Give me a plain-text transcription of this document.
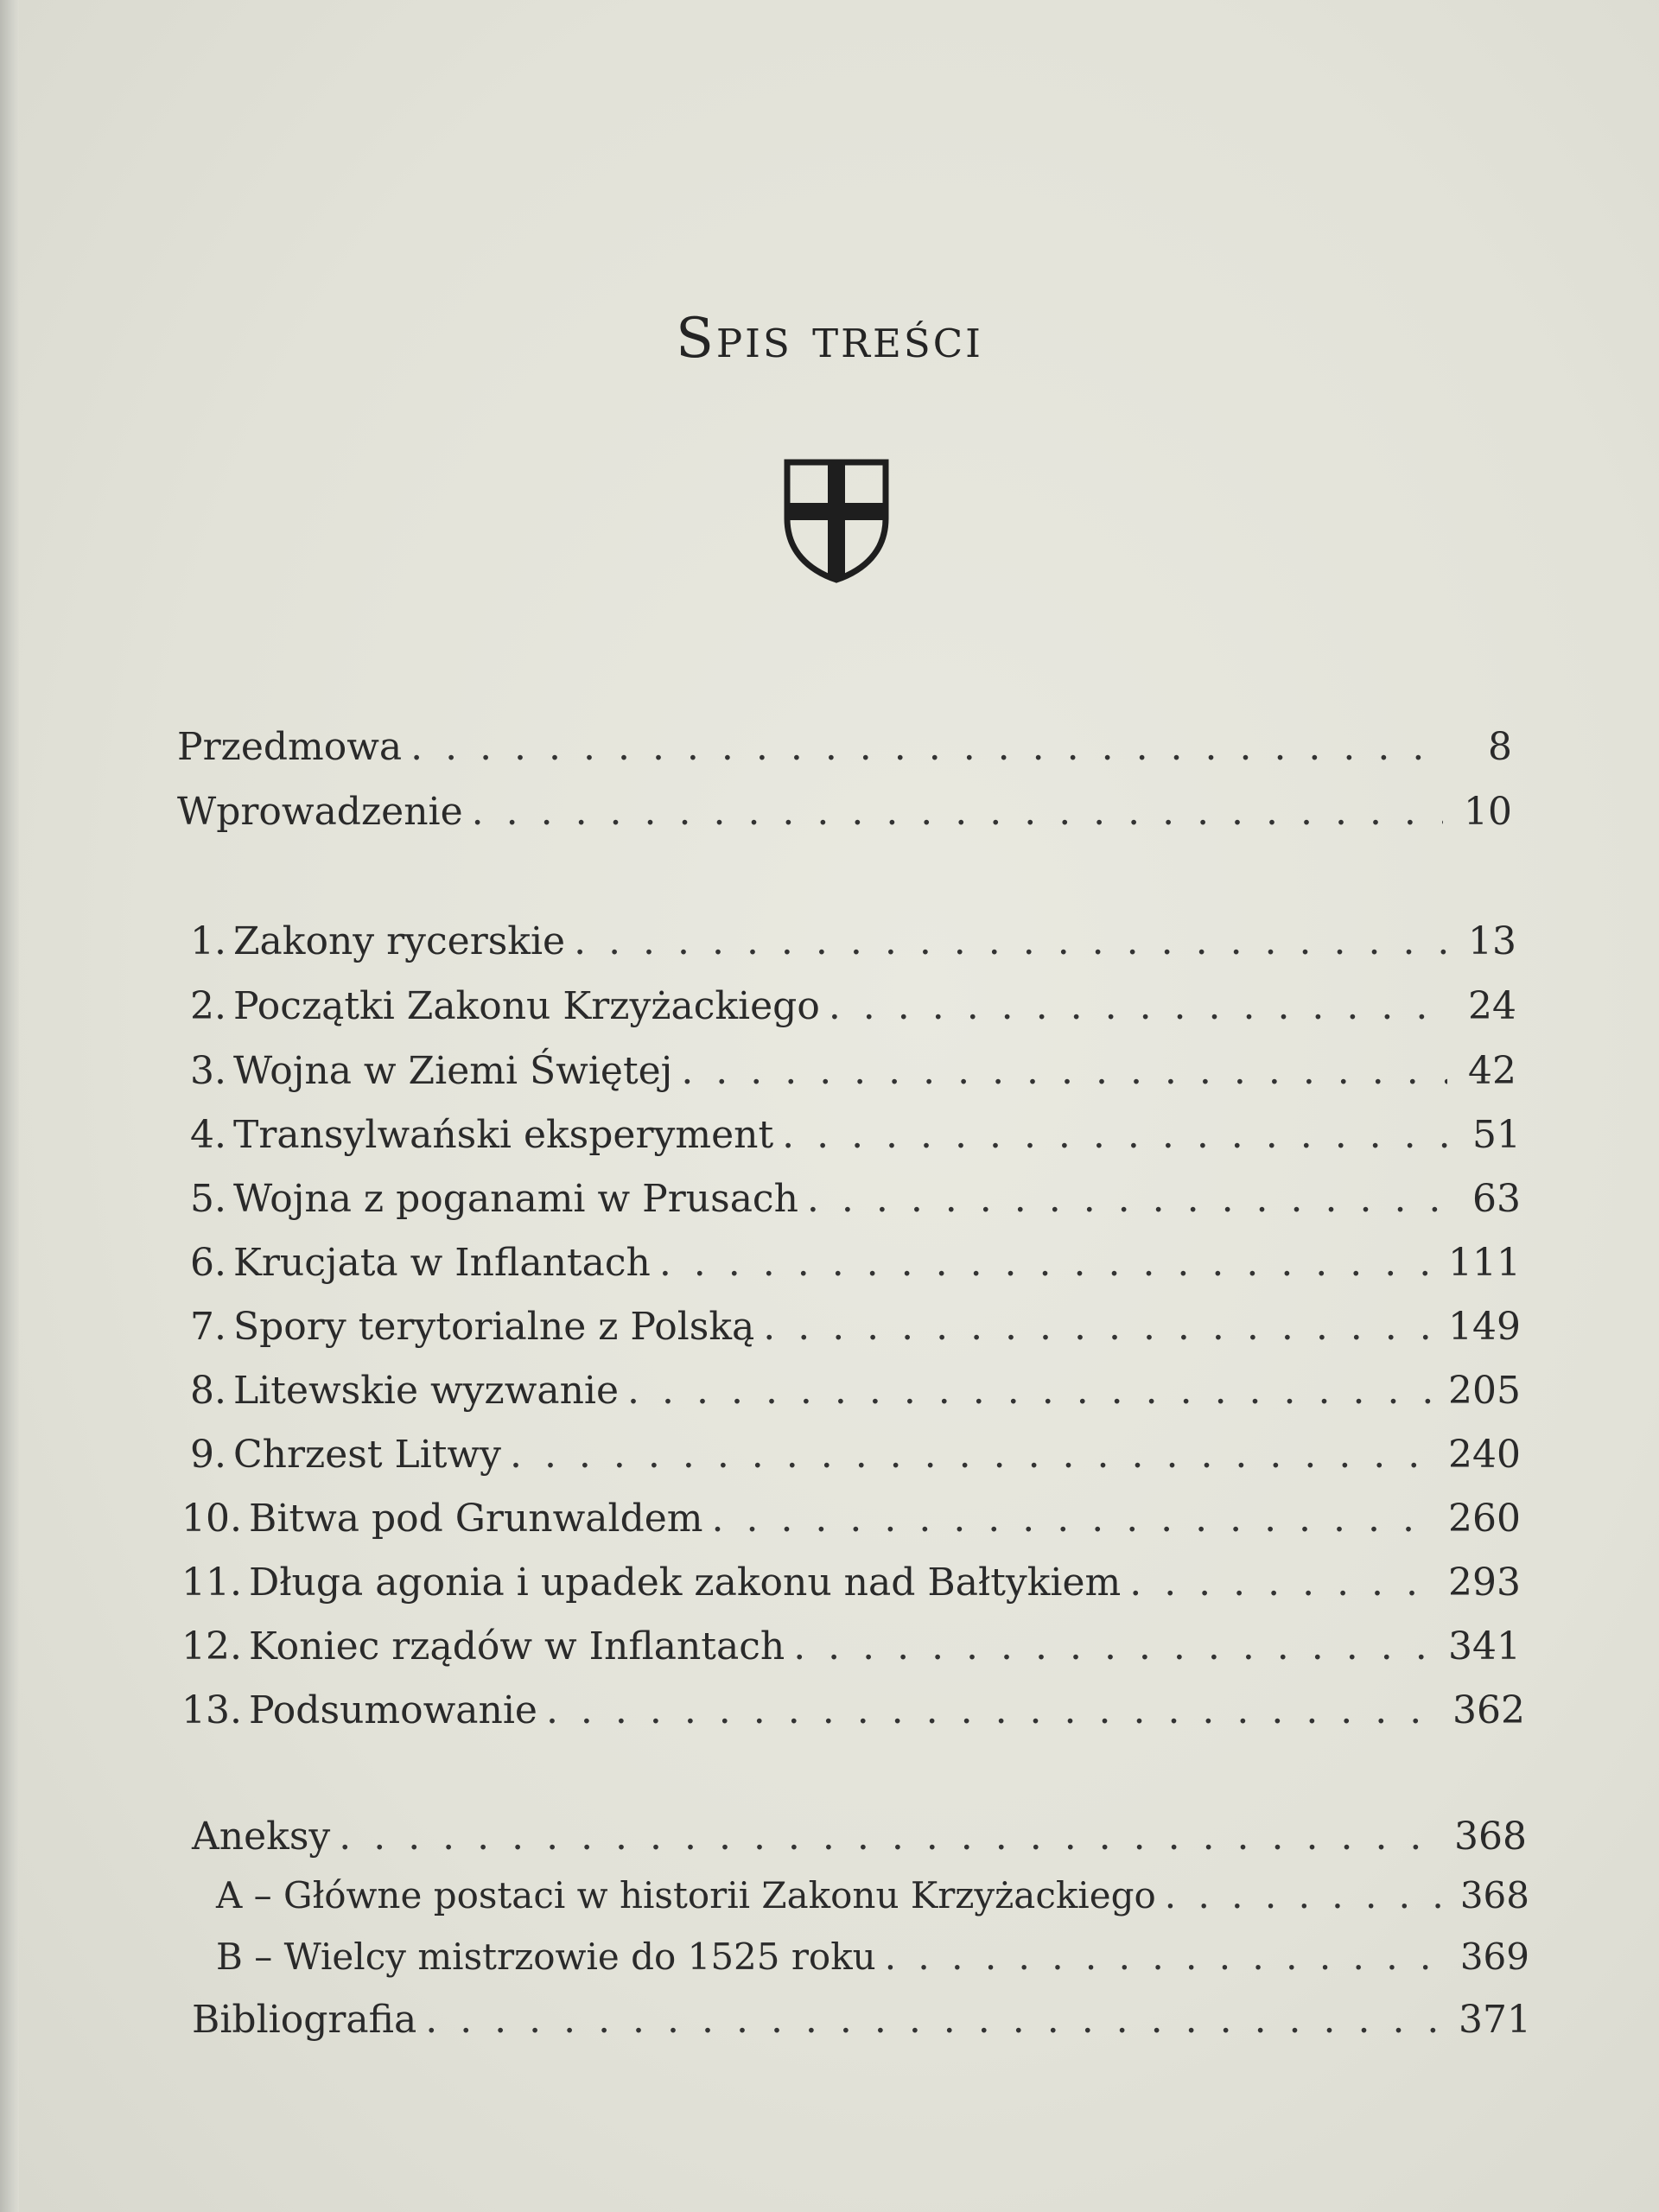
Spis treści
Przedmowa . . .	8
Wprowadzenie . . .	10
1. Zakony rycerskie . . .	13
2. Początki Zakonu Krzyżackiego . . .	24
3. Wojna w Ziemi Świętej . . .	42
4. Transylwański eksperyment . . .	51
5. Wojna z poganami w Prusach . . .	63
6. Krucjata w Inflantach . . .	111
7. Spory terytorialne z Polską . . .	149
8. Litewskie wyzwanie . . .	205
9. Chrzest Litwy . . .	240
10. Bitwa pod Grunwaldem . . .	260
11. Długa agonia i upadek zakonu nad Bałtykiem . . .	293
12. Koniec rządów w Inflantach . . .	341
13. Podsumowanie . . .	362
Aneksy . . .	368
A – Główne postaci w historii Zakonu Krzyżackiego . . .	368
B – Wielcy mistrzowie do 1525 roku . . .	369
Bibliografia . . .	371
